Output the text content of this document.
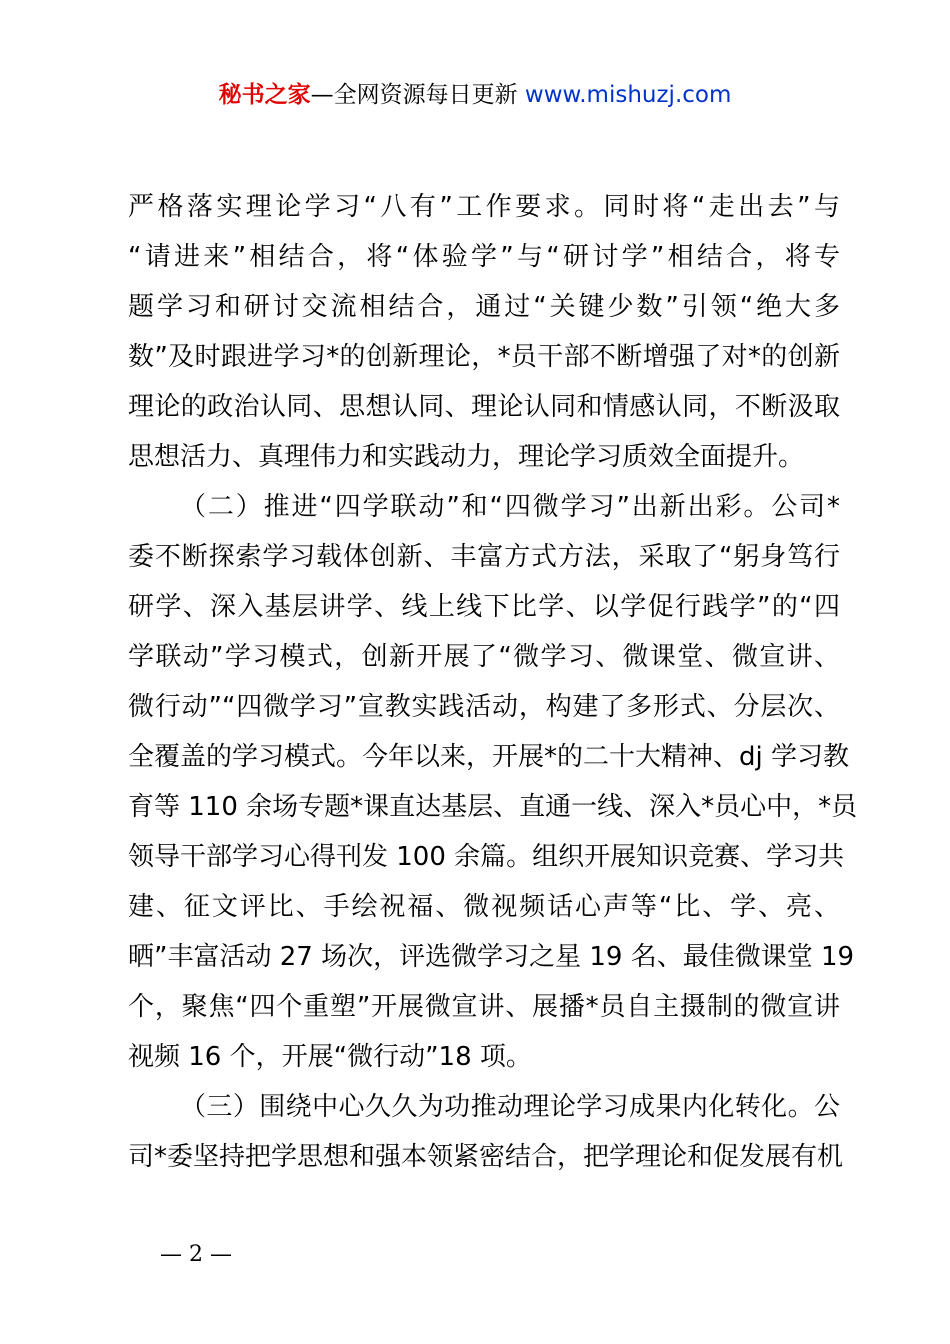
秘书之家—全网资源每日更新 www.mishuzj.com
严格落实理论学习“八有”工作要求。同时将“走出去”与
“请进来”相结合，将“体验学”与“研讨学”相结合，将专
题学习和研讨交流相结合，通过“关键少数”引领“绝大多
数”及时跟进学习*的创新理论，*员干部不断增强了对*的创新
理论的政治认同、思想认同、理论认同和情感认同，不断汲取
思想活力、真理伟力和实践动力，理论学习质效全面提升。
（二）推进“四学联动”和“四微学习”出新出彩。公司*
委不断探索学习载体创新、丰富方式方法，采取了“躬身笃行
研学、深入基层讲学、线上线下比学、以学促行践学”的“四
学联动”学习模式，创新开展了“微学习、微课堂、微宣讲、
微行动”“四微学习”宣教实践活动，构建了多形式、分层次、
全覆盖的学习模式。今年以来，开展*的二十大精神、dj 学习教
育等 110 余场专题*课直达基层、直通一线、深入*员心中，*员
领导干部学习心得刊发 100 余篇。组织开展知识竞赛、学习共
建、征文评比、手绘祝福、微视频话心声等“比、学、亮、
晒”丰富活动 27 场次，评选微学习之星 19 名、最佳微课堂 19
个，聚焦“四个重塑”开展微宣讲、展播*员自主摄制的微宣讲
视频 16 个，开展“微行动”18 项。
（三）围绕中心久久为功推动理论学习成果内化转化。公
司*委坚持把学思想和强本领紧密结合，把学理论和促发展有机
— 2 —
